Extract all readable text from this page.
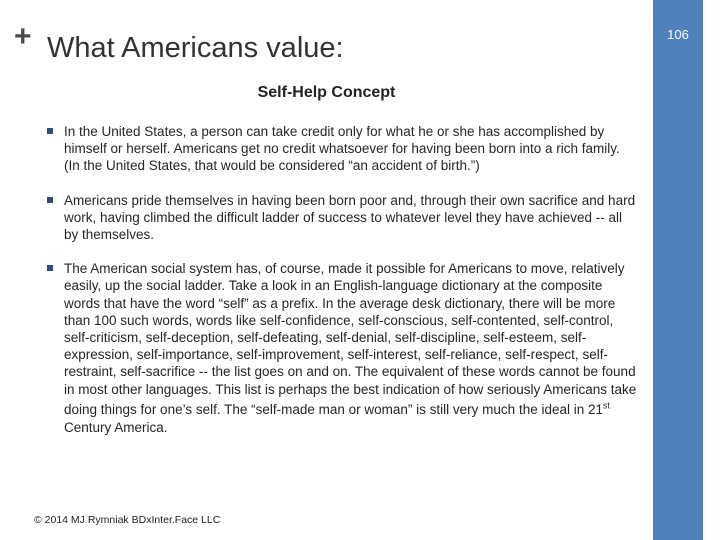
+ What Americans value:	106
Self-Help Concept
In the United States, a person can take credit only for what he or she has accomplished by himself or herself. Americans get no credit whatsoever for having been born into a rich family. (In the United States, that would be considered “an accident of birth.”)
Americans pride themselves in having been born poor and, through their own sacrifice and hard work, having climbed the difficult ladder of success to whatever level they have achieved -- all by themselves.
The American social system has, of course, made it possible for Americans to move, relatively easily, up the social ladder. Take a look in an English-language dictionary at the composite words that have the word “self” as a prefix. In the average desk dictionary, there will be more than 100 such words, words like self-confidence, self-conscious, self-contented, self-control, self-criticism, self-deception, self-defeating, self-denial, self-discipline, self-esteem, self-expression, self-importance, self-improvement, self-interest, self-reliance, self-respect, self-restraint, self-sacrifice -- the list goes on and on. The equivalent of these words cannot be found in most other languages. This list is perhaps the best indication of how seriously Americans take doing things for one’s self. The “self-made man or woman” is still very much the ideal in 21st Century America.
© 2014 MJ Rymniak BDxInter.Face LLC
